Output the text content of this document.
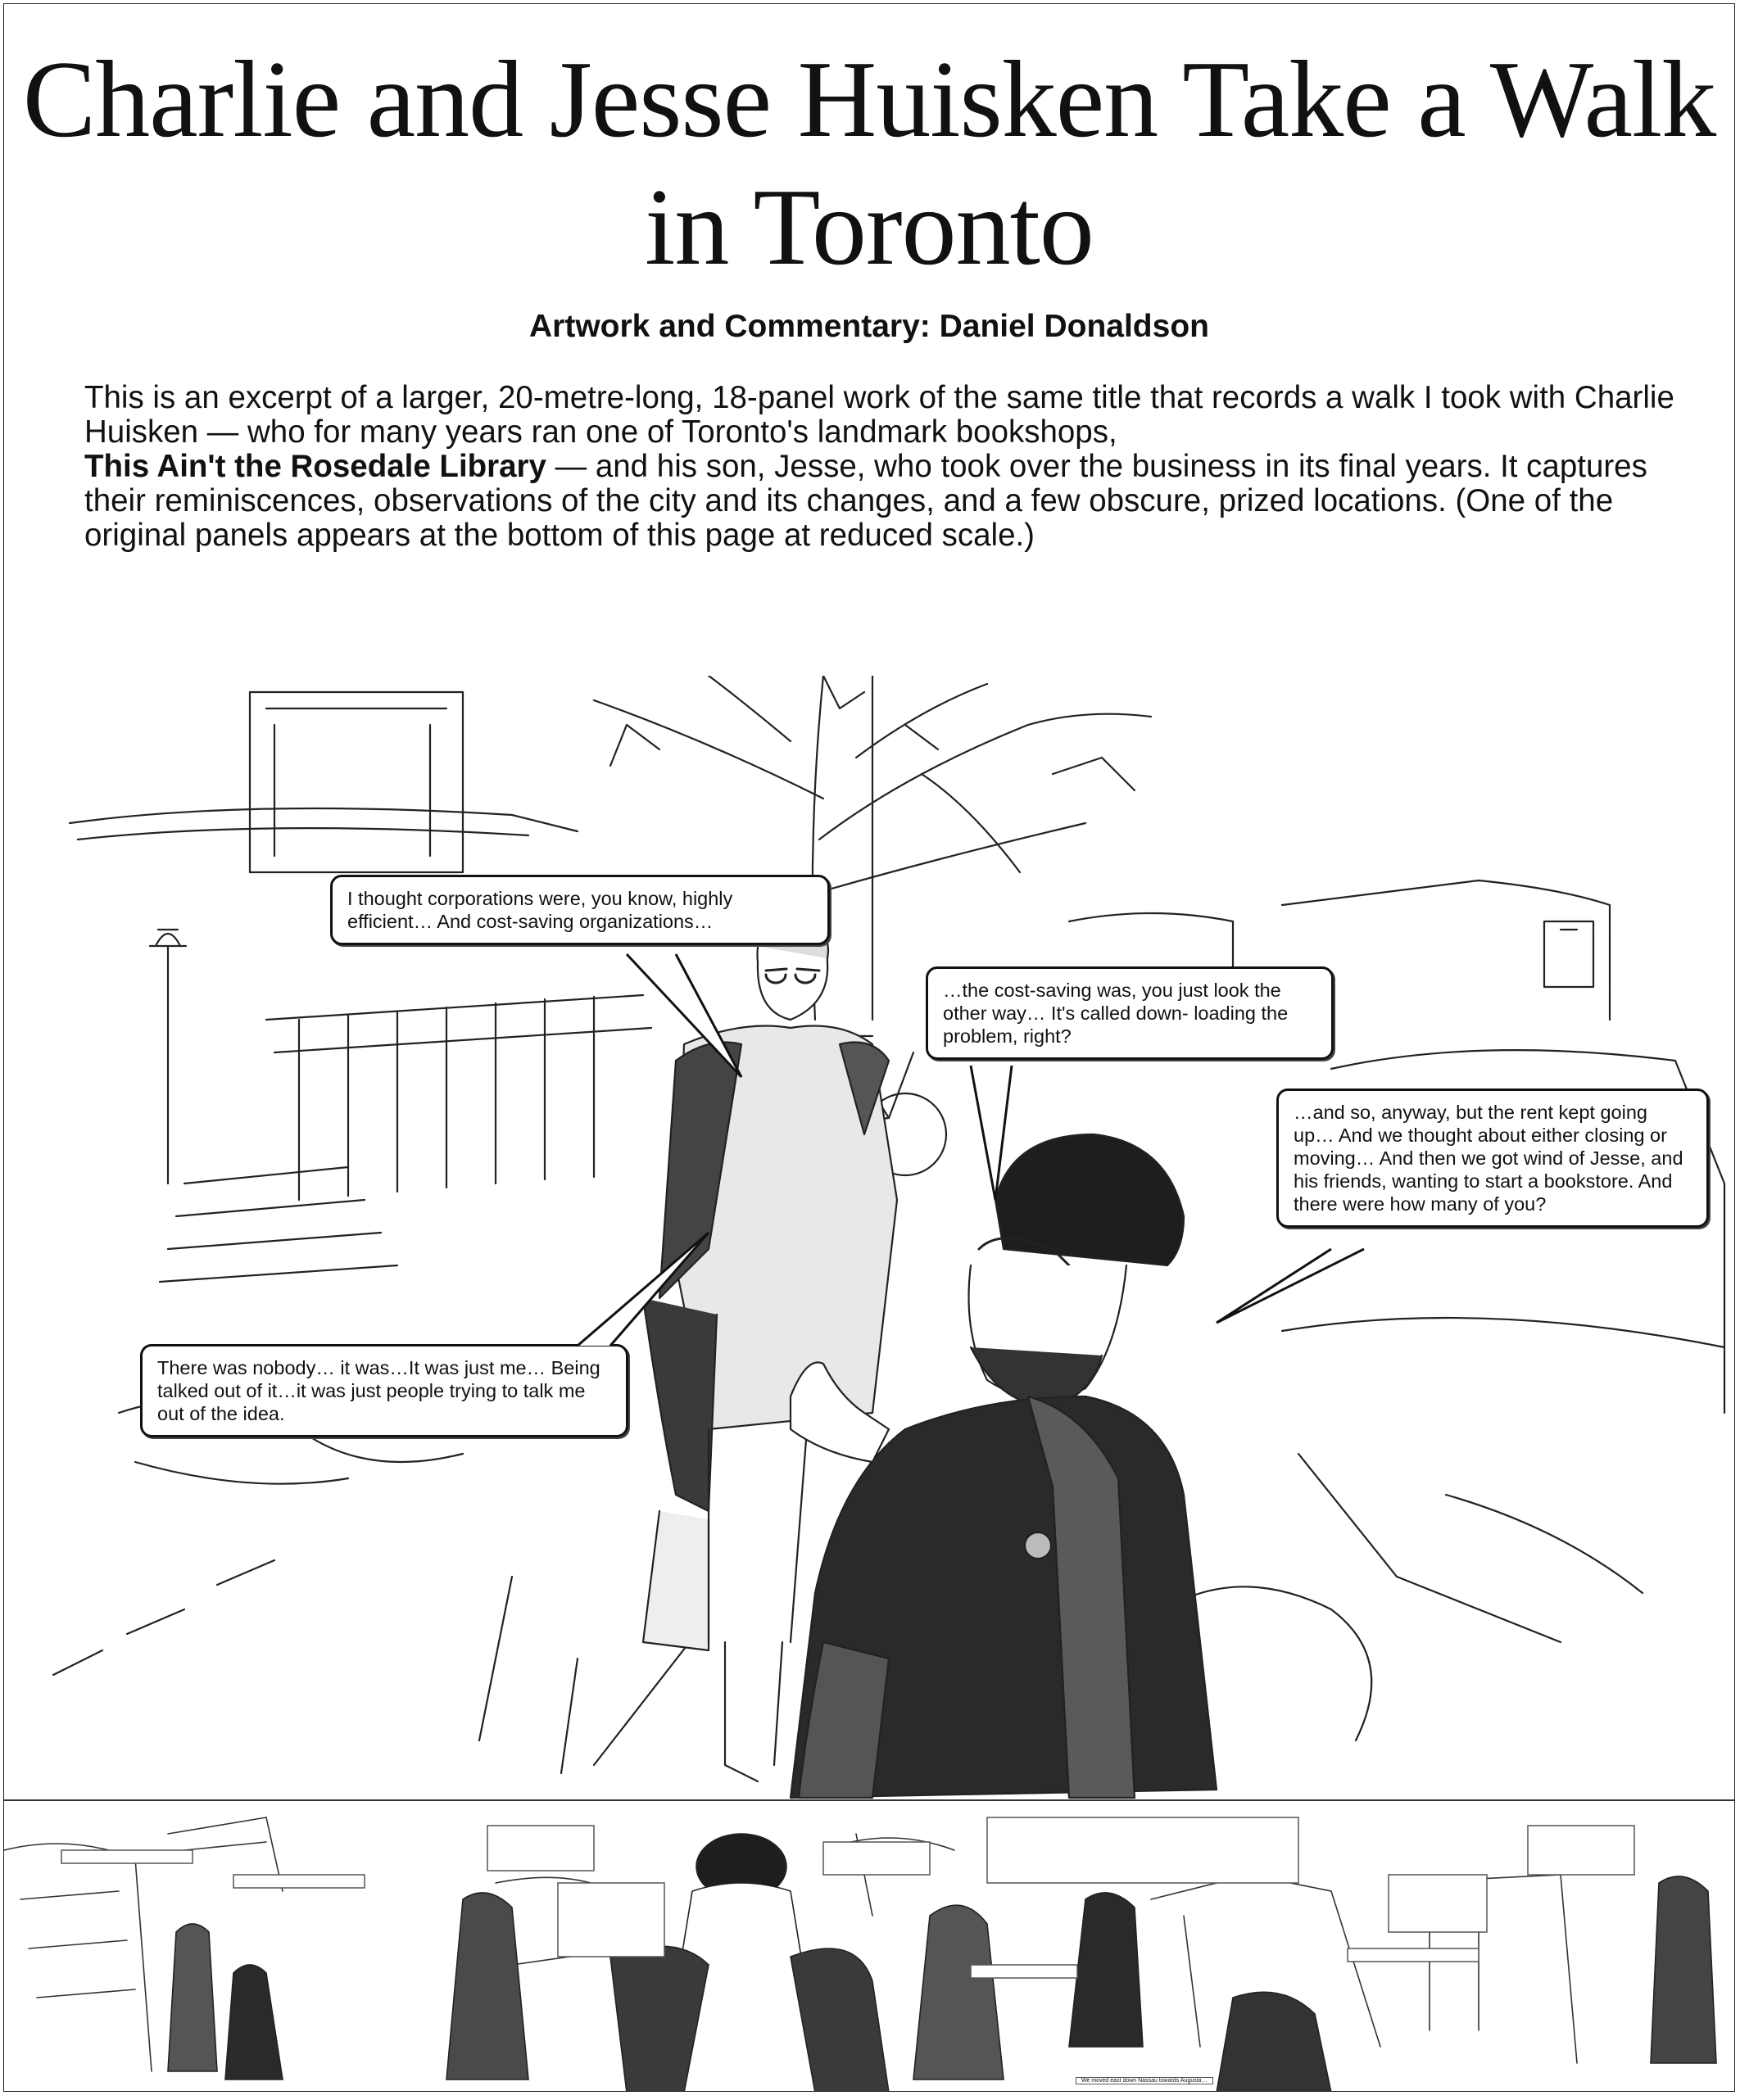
Charlie and Jesse Huisken Take a Walk in Toronto
Artwork and Commentary: Daniel Donaldson
This is an excerpt of a larger, 20-metre-long, 18-panel work of the same title that records a walk I took with Charlie Huisken — who for many years ran one of Toronto's landmark bookshops,
This Ain't the Rosedale Library — and his son, Jesse, who took over the business in its final years. It captures their reminiscences, observations of the city and its changes, and a few obscure, prized locations. (One of the original panels appears at the bottom of this page at reduced scale.)
I thought corporations were, you know, highly efficient… And cost-saving organizations…
…the cost-saving was, you just look the other way… It's called down- loading the problem, right?
…and so, anyway, but the rent kept going up… And we thought about either closing or moving… And then we got wind of Jesse, and his friends, wanting to start a bookstore. And there were how many of you?
There was nobody… it was…It was just me… Being talked out of it…it was just people trying to talk me out of the idea.
We moved east down Nassau towards Augusta…
